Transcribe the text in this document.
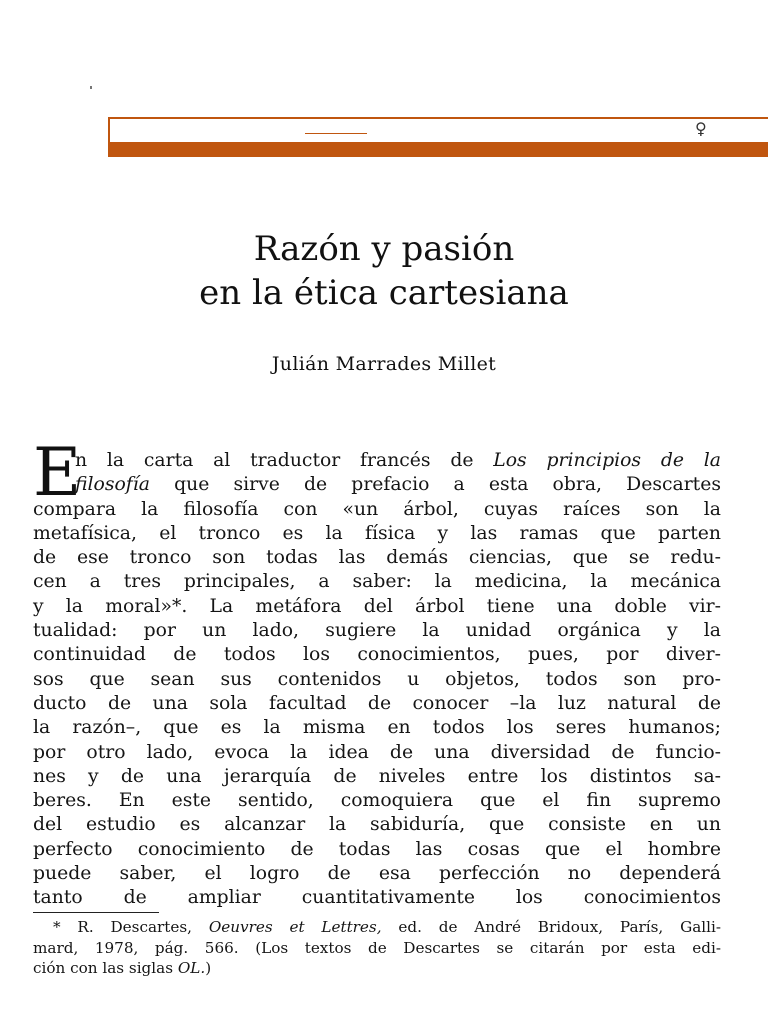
♀
Razón y pasión
en la ética cartesiana
Julián Marrades Millet
E
n la carta al traductor francés de Los principios de la
filosofía que sirve de prefacio a esta obra, Descartes
compara la filosofía con «un árbol, cuyas raíces son la
metafísica, el tronco es la física y las ramas que parten
de ese tronco son todas las demás ciencias, que se redu-
cen a tres principales, a saber: la medicina, la mecánica
y la moral»*. La metáfora del árbol tiene una doble vir-
tualidad: por un lado, sugiere la unidad orgánica y la
continuidad de todos los conocimientos, pues, por diver-
sos que sean sus contenidos u objetos, todos son pro-
ducto de una sola facultad de conocer –la luz natural de
la razón–, que es la misma en todos los seres humanos;
por otro lado, evoca la idea de una diversidad de funcio-
nes y de una jerarquía de niveles entre los distintos sa-
beres. En este sentido, comoquiera que el fin supremo
del estudio es alcanzar la sabiduría, que consiste en un
perfecto conocimiento de todas las cosas que el hombre
puede saber, el logro de esa perfección no dependerá
tanto de ampliar cuantitativamente los conocimientos
* R. Descartes, Oeuvres et Lettres, ed. de André Bridoux, París, Galli-
mard, 1978, pág. 566. (Los textos de Descartes se citarán por esta edi-
ción con las siglas OL.)
